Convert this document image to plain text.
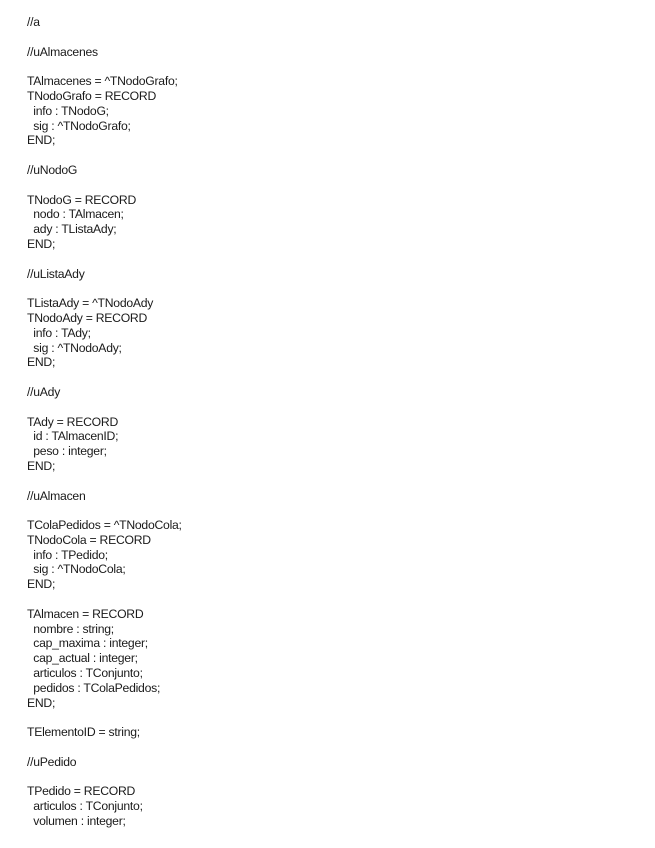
//a
//uAlmacenes
TAlmacenes = ^TNodoGrafo;
TNodoGrafo = RECORD
info : TNodoG;
sig : ^TNodoGrafo;
END;
//uNodoG
TNodoG = RECORD
nodo : TAlmacen;
ady : TListaAdy;
END;
//uListaAdy
TListaAdy = ^TNodoAdy
TNodoAdy = RECORD
info : TAdy;
sig : ^TNodoAdy;
END;
//uAdy
TAdy = RECORD
id : TAlmacenID;
peso : integer;
END;
//uAlmacen
TColaPedidos = ^TNodoCola;
TNodoCola = RECORD
info : TPedido;
sig : ^TNodoCola;
END;
TAlmacen = RECORD
nombre : string;
cap_maxima : integer;
cap_actual : integer;
articulos : TConjunto;
pedidos : TColaPedidos;
END;
TElementoID = string;
//uPedido
TPedido = RECORD
articulos : TConjunto;
volumen : integer;
